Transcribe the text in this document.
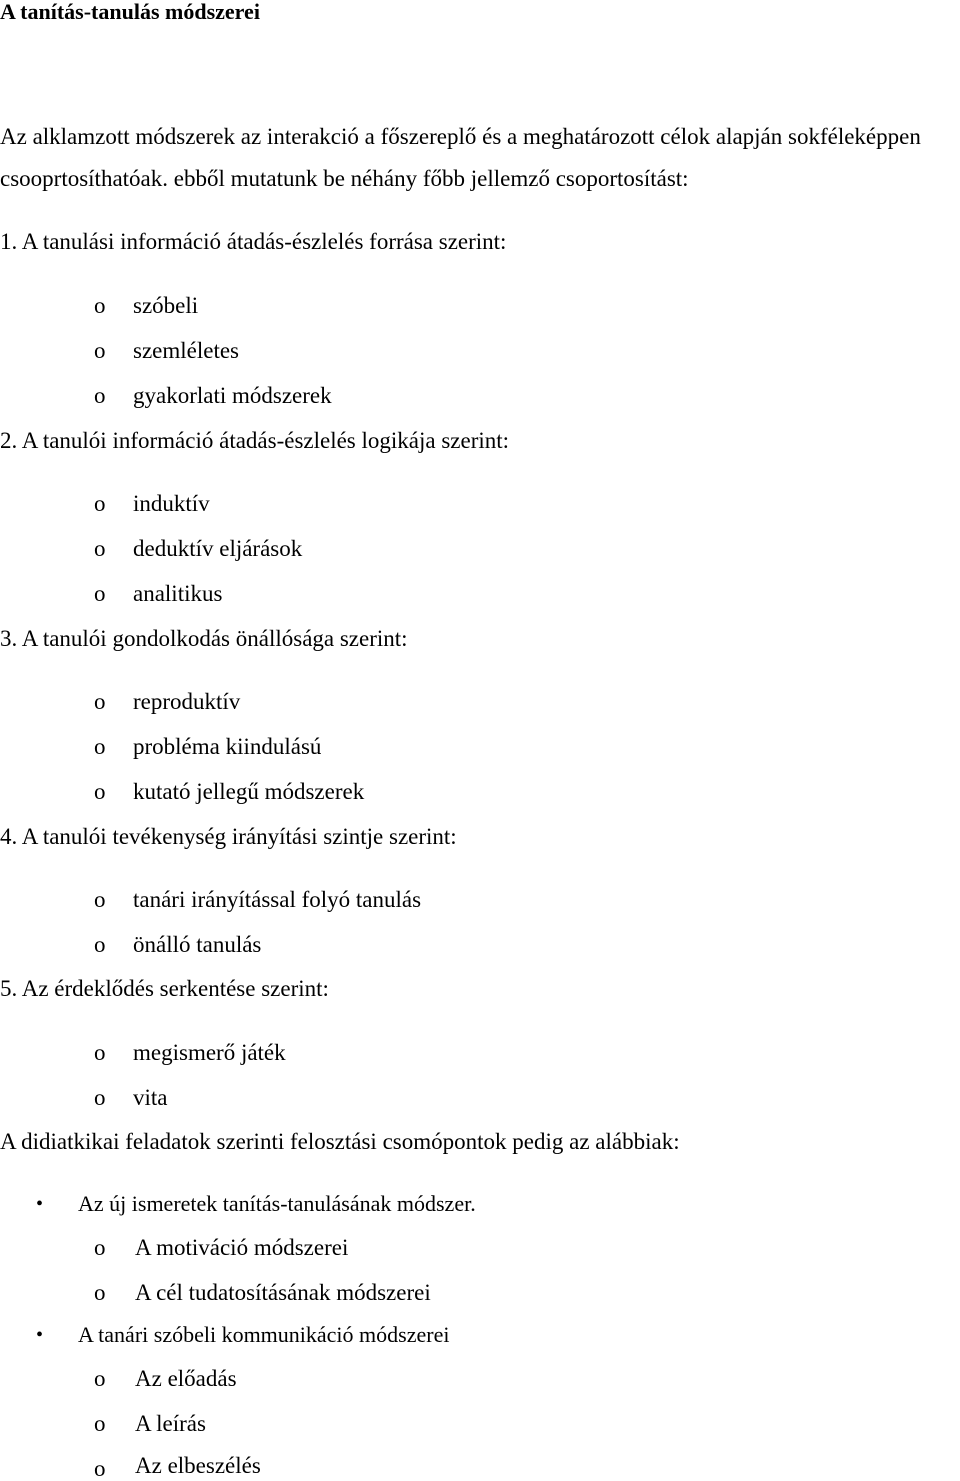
A tanítás-tanulás módszerei
Az alklamzott módszerek az interakció a főszereplő és a meghatározott célok alapján sokféleképpen
csooprtosíthatóak. ebből mutatunk be néhány főbb jellemző csoportosítást:
1. A tanulási információ átadás-észlelés forrása szerint:
o szóbeli
o szemléletes
o gyakorlati módszerek
2. A tanulói információ átadás-észlelés logikája szerint:
o induktív
o deduktív eljárások
o analitikus
3. A tanulói gondolkodás önállósága szerint:
o reproduktív
o probléma kiindulású
o kutató jellegű módszerek
4. A tanulói tevékenység irányítási szintje szerint:
o tanári irányítással folyó tanulás
o önálló tanulás
5. Az érdeklődés serkentése szerint:
o megismerő játék
o vita
A didiatkikai feladatok szerinti felosztási csomópontok pedig az alábbiak:
• Az új ismeretek tanítás-tanulásának módszer.
o A motiváció módszerei
o A cél tudatosításának módszerei
• A tanári szóbeli kommunikáció módszerei
o Az előadás
o A leírás
o Az elbeszélés
